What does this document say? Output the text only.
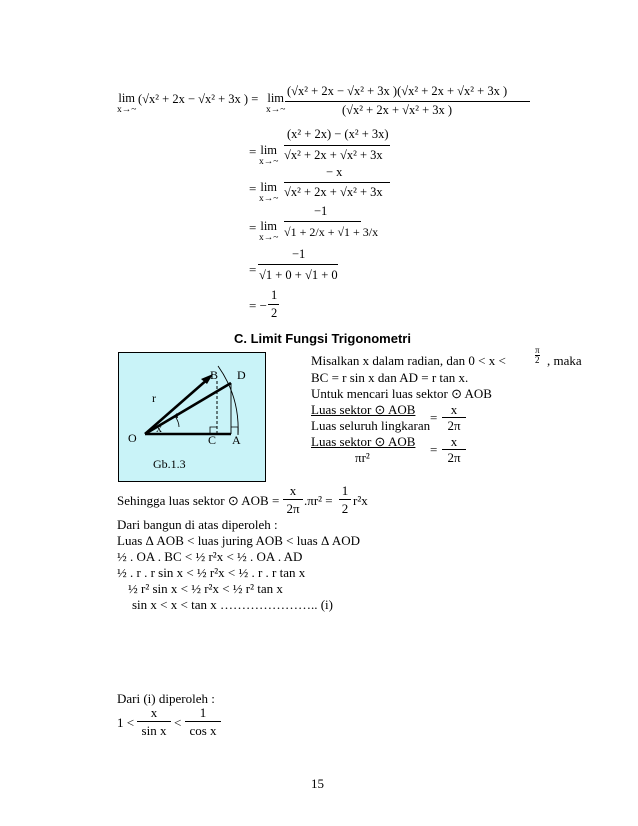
lim
x→~
(√x² + 2x − √x² + 3x ) = lim
x→~
(√x² + 2x − √x² + 3x )(√x² + 2x + √x² + 3x )
(√x² + 2x + √x² + 3x )
= lim
x→~
(x² + 2x) − (x² + 3x)
√x² + 2x + √x² + 3x
= lim
x→~
− x
√x² + 2x + √x² + 3x
= lim
x→~
−1
√1 + 2/x + √1 + 3/x
=
−1
√1 + 0 + √1 + 0
= −
1
2
C. Limit Fungsi Trigonometri
O
r
x
B D
C A
Gb.1.3
Misalkan x dalam radian, dan 0 < x <	$\frac{\pi}{2}$ , maka
BC = r sin x dan AD = r tan x.
Untuk mencari luas sektor ⊙ AOB
Luas sektor ⊙ AOB
Luas seluruh lingkaran
=
x
2π
Luas sektor ⊙ AOB
πr²
=
x
2π
Sehingga luas sektor ⊙ AOB =
x
2π
.πr² =
1
2
r²x
Dari bangun di atas diperoleh :
Luas Δ AOB < luas juring AOB < luas Δ AOD
½ . OA . BC < ½ r²x < ½ . OA . AD
½ . r . r sin x < ½ r²x < ½ . r . r tan x
½ r² sin x < ½ r²x < ½ r² tan x
sin x < x < tan x ………………….. (i)
Dari (i) diperoleh :
1 <
x
sin x
<
1
cos x
15
